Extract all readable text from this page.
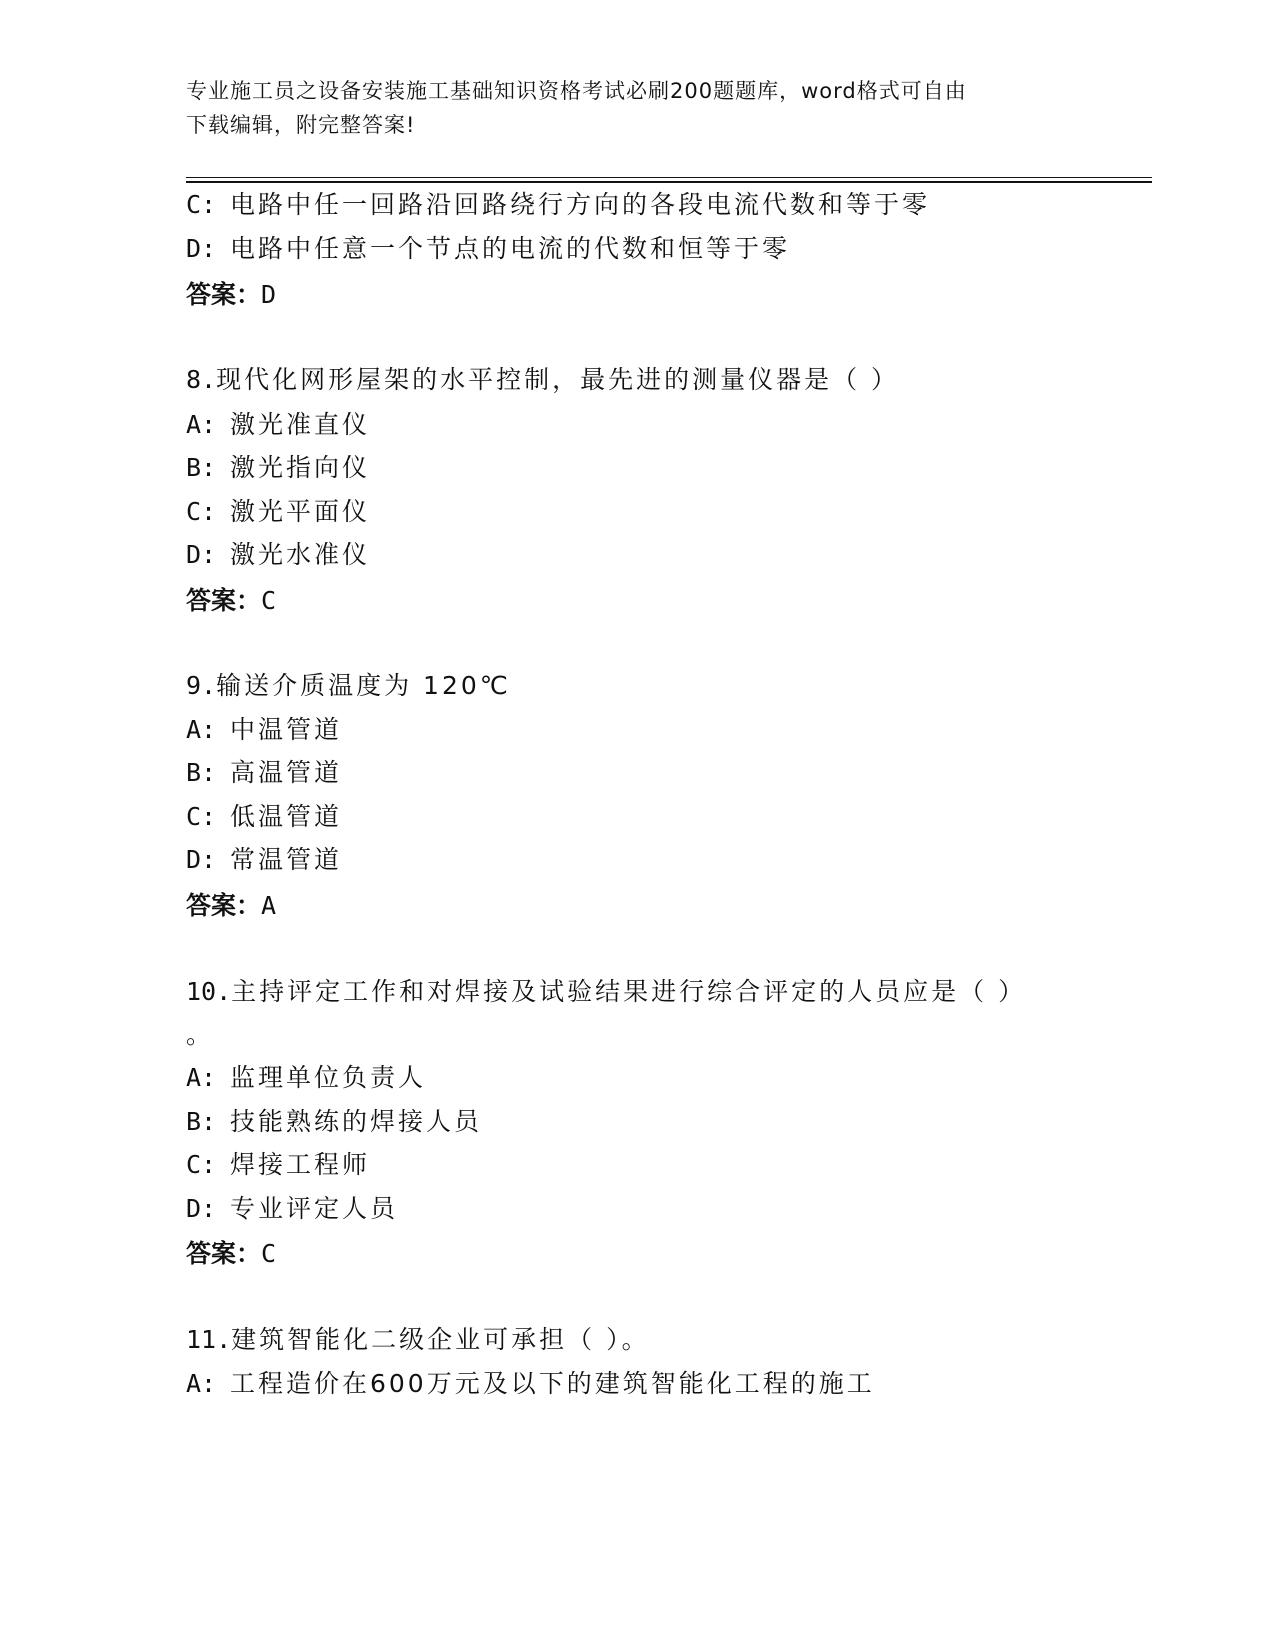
专业施工员之设备安装施工基础知识资格考试必刷200题题库，word格式可自由
下载编辑，附完整答案!
C: 电路中任一回路沿回路绕行方向的各段电流代数和等于零
D: 电路中任意一个节点的电流的代数和恒等于零
答案：D
8.现代化网形屋架的水平控制，最先进的测量仪器是（ ）
A: 激光准直仪
B: 激光指向仪
C: 激光平面仪
D: 激光水准仪
答案：C
9.输送介质温度为 120℃
A: 中温管道
B: 高温管道
C: 低温管道
D: 常温管道
答案：A
10.主持评定工作和对焊接及试验结果进行综合评定的人员应是（ ）
。
A: 监理单位负责人
B: 技能熟练的焊接人员
C: 焊接工程师
D: 专业评定人员
答案：C
11.建筑智能化二级企业可承担（ ）。
A: 工程造价在600万元及以下的建筑智能化工程的施工
